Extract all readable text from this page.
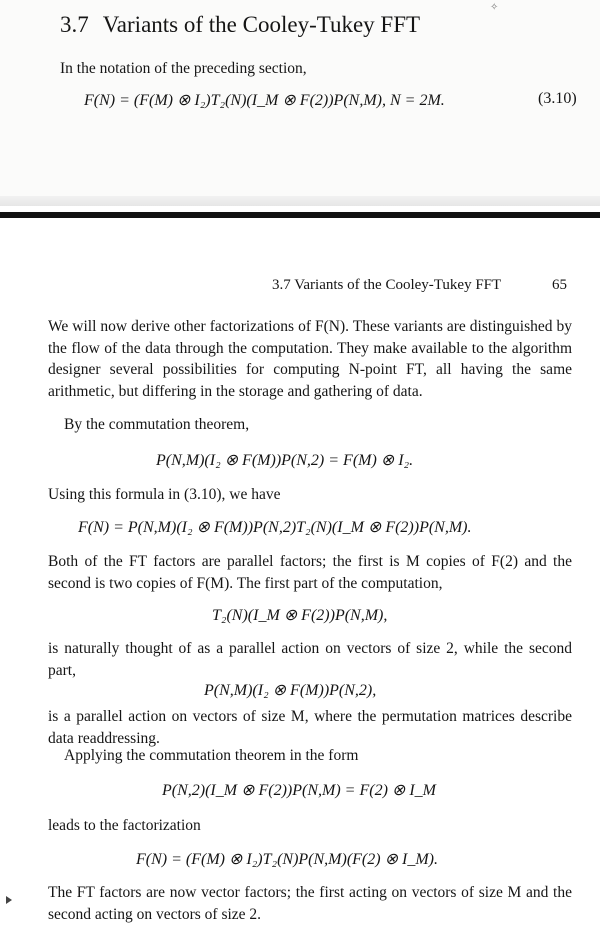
✧
3.7 Variants of the Cooley-Tukey FFT
In the notation of the preceding section,
F(N) = (F(M) ⊗ I₂)T₂(N)(I_M ⊗ F(2))P(N,M), N = 2M.	(3.10)
3.7 Variants of the Cooley-Tukey FFT	65
We will now derive other factorizations of F(N). These variants are distinguished by the flow of the data through the computation. They make available to the algorithm designer several possibilities for computing N-point FT, all having the same arithmetic, but differing in the storage and gathering of data.
By the commutation theorem,
P(N,M)(I₂ ⊗ F(M))P(N,2) = F(M) ⊗ I₂.
Using this formula in (3.10), we have
F(N) = P(N,M)(I₂ ⊗ F(M))P(N,2)T₂(N)(I_M ⊗ F(2))P(N,M).
Both of the FT factors are parallel factors; the first is M copies of F(2) and the second is two copies of F(M). The first part of the computation,
T₂(N)(I_M ⊗ F(2))P(N,M),
is naturally thought of as a parallel action on vectors of size 2, while the second part,
P(N,M)(I₂ ⊗ F(M))P(N,2),
is a parallel action on vectors of size M, where the permutation matrices describe data readdressing.
Applying the commutation theorem in the form
P(N,2)(I_M ⊗ F(2))P(N,M) = F(2) ⊗ I_M
leads to the factorization
F(N) = (F(M) ⊗ I₂)T₂(N)P(N,M)(F(2) ⊗ I_M).
The FT factors are now vector factors; the first acting on vectors of size M and the second acting on vectors of size 2.
